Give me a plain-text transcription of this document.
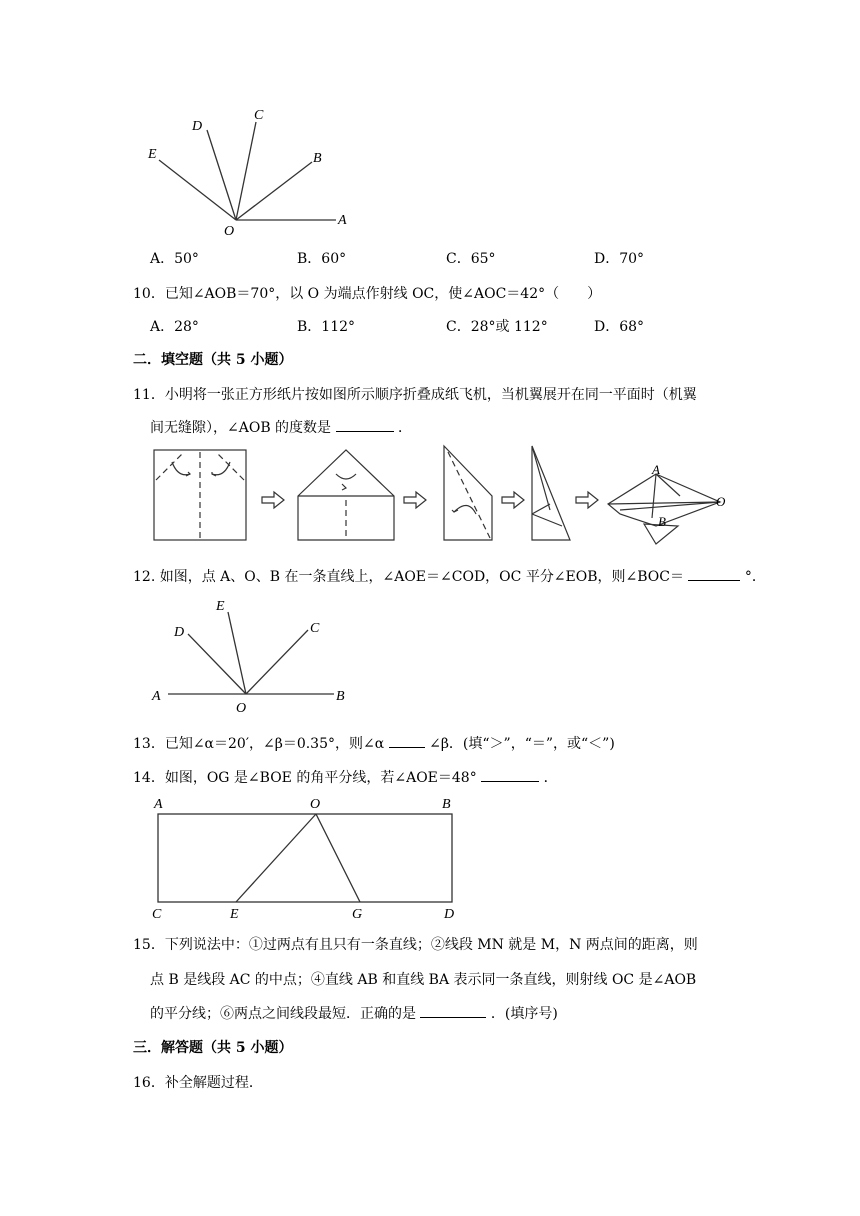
E
D
C
B
A
O
A．50°	B．60°	C．65°	D．70°
10．已知∠AOB＝70°，以 O 为端点作射线 OC，使∠AOC＝42°（　　）
A．28°	B．112°	C．28°或 112°	D．68°
二．填空题（共 5 小题）
11．小明将一张正方形纸片按如图所示顺序折叠成纸飞机，当机翼展开在同一平面时（机翼
间无缝隙），∠AOB 的度数是	．
A
B
O
12. 如图，点 A、O、B 在一条直线上，∠AOE＝∠COD，OC 平分∠EOB，则∠BOC＝	°．
E
D	C
A
O
B
13．已知∠α＝20′，∠β＝0.35°，则∠α	∠β．(填“＞”，“＝”，或“＜”)
14．如图，OG 是∠BOE 的角平分线，若∠AOE＝48°	．
A	O	B
C	E	G	D
15．下列说法中：①过两点有且只有一条直线；②线段 MN 就是 M，N 两点间的距离，则
点 B 是线段 AC 的中点；④直线 AB 和直线 BA 表示同一条直线，则射线 OC 是∠AOB
的平分线；⑥两点之间线段最短．正确的是	．(填序号)
三．解答题（共 5 小题）
16．补全解题过程．
